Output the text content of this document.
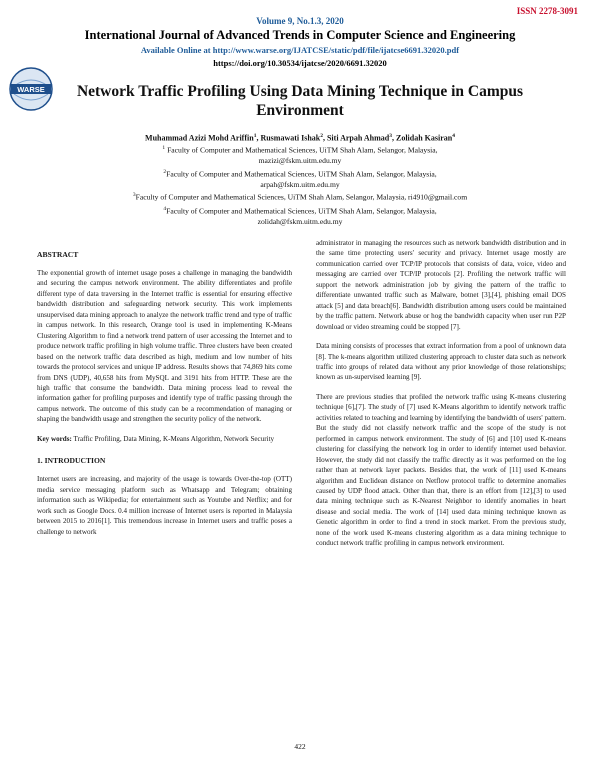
ISSN 2278-3091
Volume 9, No.1.3, 2020
International Journal of Advanced Trends in Computer Science and Engineering
Available Online at http://www.warse.org/IJATCSE/static/pdf/file/ijatcse6691.32020.pdf
https://doi.org/10.30534/ijatcse/2020/6691.32020
WARSE	Network Traffic Profiling Using Data Mining Technique in Campus Environment
Muhammad Azizi Mohd Ariffin$^1$, Rusmawati Ishak$^2$, Siti Arpah Ahmad$^3$, Zolidah Kasiran$^4$
$^1$ Faculty of Computer and Mathematical Sciences, UiTM Shah Alam, Selangor, Malaysia,
mazizi@fskm.uitm.edu.my
$^2$Faculty of Computer and Mathematical Sciences, UiTM Shah Alam, Selangor, Malaysia,
arpah@fskm.uitm.edu.my
$^3$Faculty of Computer and Mathematical Sciences, UiTM Shah Alam, Selangor, Malaysia, ri4910@gmail.com
$^4$Faculty of Computer and Mathematical Sciences, UiTM Shah Alam, Selangor, Malaysia,
zolidah@fskm.uitm.edu.my
ABSTRACT

The exponential growth of internet usage poses a challenge in managing the bandwidth and securing the campus network environment. The ability differentiates and profile different type of data traversing in the Internet traffic is essential for ensuring effective bandwidth distribution and safeguarding network security. This work implements unsupervised data mining approach to analyze the network traffic trend and type of traffic in campus network. In this research, Orange tool is used in implementing K-Means Clustering Algorithm to find a network trend pattern of user accessing the Internet and to produce network traffic profiling in high volume traffic. Three clusters have been created based on the network traffic data described as high, medium and low number of hits towards the protocol services and unique IP address. Results shows that 74,869 hits come from DNS (UDP), 40,658 hits from MySQL and 3191 hits from HTTP. These are the high traffic that consume the bandwidth. Data mining process lead to reveal the information gather for profiling purposes and identify type of traffic passing through the campus network. The outcome of this study can be a recommendation of managing or shaping the bandwidth usage and strengthen the security policy of the network.

Key words: Traffic Profiling, Data Mining, K-Means Algorithm, Network Security

1. INTRODUCTION

Internet users are increasing, and majority of the usage is towards Over-the-top (OTT) media service messaging platform such as Whatsapp and Telegram; obtaining information such as Wikipedia; for entertainment such as Youtube and Netflix; and for work such as Google Docs. 0.4 million increase of Internet users is reported in Malaysia between 2015 to 2016[1]. This tremendous increase in Internet users and traffic poses a challenge to network

administrator in managing the resources such as network bandwidth distribution and in the same time protecting users' security and privacy. Internet usage mostly are communication carried over TCP/IP protocols that consists of data, voice, video and messaging are carried over TCP/IP protocols [2]. Profiling the network traffic will support the network administration job by giving the pattern of the traffic to differentiate unwanted traffic such as Malware, botnet [3],[4], phishing email DOS attack [5] and data breach[6]. Bandwidth distribution among users could be maintained by the traffic pattern. Network abuse or hog the bandwidth capacity when user run P2P download or video streaming could be stopped [7].

Data mining consists of processes that extract information from a pool of unknown data [8]. The k-means algorithm utilized clustering approach to cluster data such as network traffic into groups of related data without any prior knowledge of those relationships; known as un-supervised learning [9].

There are previous studies that profiled the network traffic using K-means clustering technique [6],[7]. The study of [7] used K-Means algorithm to identify network traffic activities related to teaching and learning by identifying the bandwidth of users' pattern. But the study did not classify network traffic and the scope of the study is not performed in campus network environment. The study of [6] and [10] used K-means clustering for classifying the network log in order to identify internet used behavior. However, the study did not classify the traffic directly as it was performed on the log rather than at network layer packets. Besides that, the work of [11] used K-means algorithm and Euclidean distance on Netflow protocol traffic to determine anomalies caused by UDP flood attack. Other than that, there is an effort from [12],[3] to used data mining technique such as K-Nearest Neighbor to identify anomalies in heart disease and social media. The work of [14] used data mining technique known as Genetic algorithm in order to find a trend in stock market. From the previous study, none of the work used K-means clustering algorithm as a data mining technique to conduct network traffic profiling in campus network environment.

422
